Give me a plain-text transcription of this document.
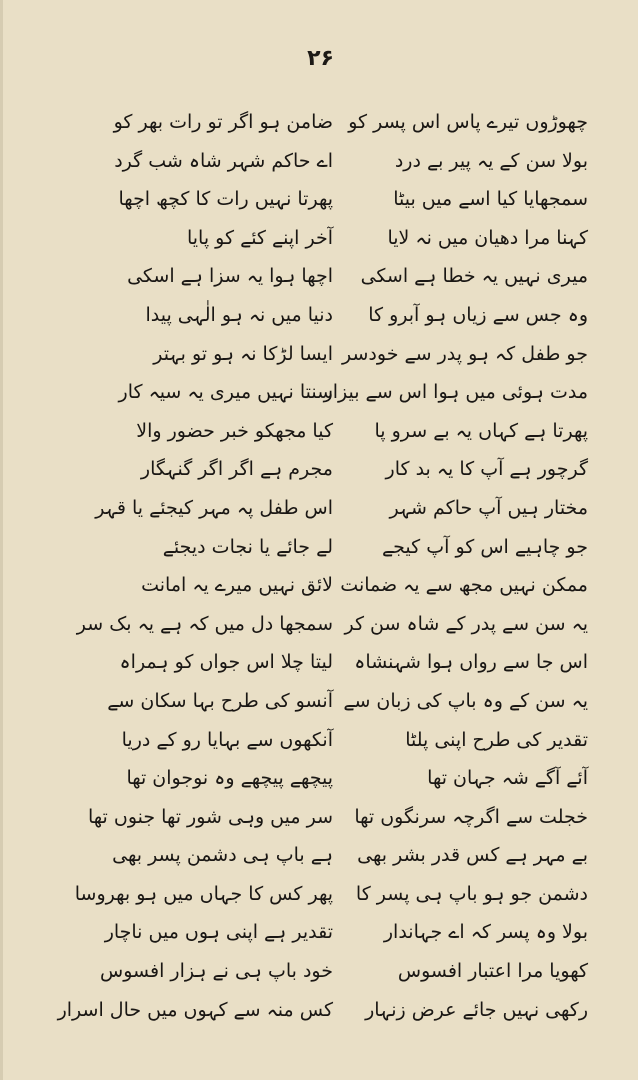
۲۶
چھوڑوں تیرے پاس اس پسر کو
بولا سن کے یہ پیر بے درد
سمجھایا کیا اسے میں بیٹا
کہنا مرا دھیان میں نہ لایا
میری نہیں یہ خطا ہے اسکی
وہ جس سے زیاں ہو آبرو کا
جو طفل کہ ہو پدر سے خودسر
مدت ہوئی میں ہوا اس سے بیزار
پھرتا ہے کہاں یہ بے سرو پا
گرچور ہے آپ کا یہ بد کار
مختار ہیں آپ حاکم شہر
جو چاہیے اس کو آپ کیجے
ممکن نہیں مجھ سے یہ ضمانت
یہ سن سے پدر کے شاہ سن کر
اس جا سے رواں ہوا شہنشاہ
یہ سن کے وہ باپ کی زبان سے
تقدیر کی طرح اپنی پلٹا
آئے آگے شہ جہان تھا
خجلت سے اگرچہ سرنگوں تھا
بے مہر ہے کس قدر بشر بھی
دشمن جو ہو باپ ہی پسر کا
بولا وہ پسر کہ اے جہاندار
کھویا مرا اعتبار افسوس
رکھی نہیں جائے عرض زنہار
ضامن ہو اگر تو رات بھر کو
اے حاکم شہر شاہ شب گرد
پھرتا نہیں رات کا کچھ اچھا
آخر اپنے کئے کو پایا
اچھا ہوا یہ سزا ہے اسکی
دنیا میں نہ ہو الٰہی پیدا
ایسا لڑکا نہ ہو تو بہتر
سنتا نہیں میری یہ سیہ کار
کیا مجھکو خبر حضور والا
مجرم ہے اگر اگر گنہگار
اس طفل پہ مہر کیجئے یا قہر
لے جائے یا نجات دیجئے
لائق نہیں میرے یہ امانت
سمجھا دل میں کہ ہے یہ بک سر
لیتا چلا اس جواں کو ہمراہ
آنسو کی طرح بہا سکان سے
آنکھوں سے بہایا رو کے دریا
پیچھے پیچھے وہ نوجوان تھا
سر میں وہی شور تھا جنوں تھا
ہے باپ ہی دشمن پسر بھی
پھر کس کا جہاں میں ہو بھروسا
تقدیر ہے اپنی ہوں میں ناچار
خود باپ ہی نے ہزار افسوس
کس منہ سے کہوں میں حال اسرار
